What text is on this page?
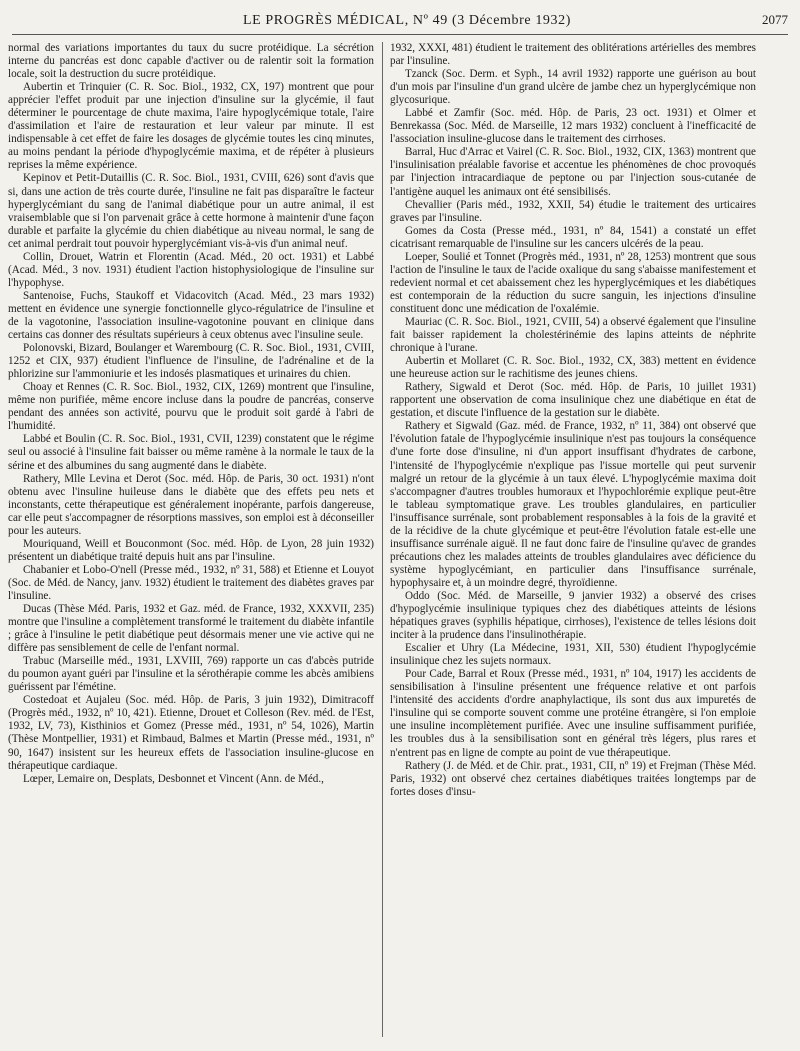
LE PROGRÈS MÉDICAL, Nº 49 (3 Décembre 1932)	2077

normal des variations importantes du taux du sucre protéidique. La sécrétion interne du pancréas est donc capable d'activer ou de ralentir soit la formation locale, soit la destruction du sucre protéidique.

Aubertin et Trinquier (C. R. Soc. Biol., 1932, CX, 197) montrent que pour apprécier l'effet produit par une injection d'insuline sur la glycémie, il faut déterminer le pourcentage de chute maxima, l'aire hypoglycémique totale, l'aire d'assimilation et l'aire de restauration et leur valeur par minute. Il est indispensable à cet effet de faire les dosages de glycémie toutes les cinq minutes, au moins pendant la période d'hypoglycémie maxima, et de répéter à plusieurs reprises la même expérience.

Kepinov et Petit-Dutaillis (C. R. Soc. Biol., 1931, CVIII, 626) sont d'avis que si, dans une action de très courte durée, l'insuline ne fait pas disparaître le facteur hyperglycémiant du sang de l'animal diabétique pour un autre animal, il est vraisemblable que si l'on parvenait grâce à cette hormone à maintenir d'une façon durable et parfaite la glycémie du chien diabétique au niveau normal, le sang de cet animal perdrait tout pouvoir hyperglycémiant vis-à-vis d'un animal neuf.

Collin, Drouet, Watrin et Florentin (Acad. Méd., 20 oct. 1931) et Labbé (Acad. Méd., 3 nov. 1931) étudient l'action histophysiologique de l'insuline sur l'hypophyse.

Santenoise, Fuchs, Staukoff et Vidacovitch (Acad. Méd., 23 mars 1932) mettent en évidence une synergie fonctionnelle glyco-régulatrice de l'insuline et de la vagotonine, l'association insuline-vagotonine pouvant en clinique dans certains cas donner des résultats supérieurs à ceux obtenus avec l'insuline seule.

Polonovski, Bizard, Boulanger et Warembourg (C. R. Soc. Biol., 1931, CVIII, 1252 et CIX, 937) étudient l'influence de l'insuline, de l'adrénaline et de la phlorizine sur l'ammoniurie et les indosés plasmatiques et urinaires du chien.

Choay et Rennes (C. R. Soc. Biol., 1932, CIX, 1269) montrent que l'insuline, même non purifiée, même encore incluse dans la poudre de pancréas, conserve pendant des années son activité, pourvu que le produit soit gardé à l'abri de l'humidité.

Labbé et Boulin (C. R. Soc. Biol., 1931, CVII, 1239) constatent que le régime seul ou associé à l'insuline fait baisser ou même ramène à la normale le taux de la sérine et des albumines du sang augmenté dans le diabète.

Rathery, Mlle Levina et Derot (Soc. méd. Hôp. de Paris, 30 oct. 1931) n'ont obtenu avec l'insuline huileuse dans le diabète que des effets peu nets et inconstants, cette thérapeutique est généralement inopérante, parfois dangereuse, car elle peut s'accompagner de résorptions massives, son emploi est à déconseiller pour les auteurs.

Mouriquand, Weill et Bouconmont (Soc. méd. Hôp. de Lyon, 28 juin 1932) présentent un diabétique traité depuis huit ans par l'insuline.

Chabanier et Lobo-O'nell (Presse méd., 1932, nº 31, 588) et Etienne et Louyot (Soc. de Méd. de Nancy, janv. 1932) étudient le traitement des diabètes graves par l'insuline.

Ducas (Thèse Méd. Paris, 1932 et Gaz. méd. de France, 1932, XXXVII, 235) montre que l'insuline a complètement transformé le traitement du diabète infantile ; grâce à l'insuline le petit diabétique peut désormais mener une vie active qui ne diffère pas sensiblement de celle de l'enfant normal.

Trabuc (Marseille méd., 1931, LXVIII, 769) rapporte un cas d'abcès putride du poumon ayant guéri par l'insuline et la sérothérapie comme les abcès amibiens guérissent par l'émétine.

Costedoat et Aujaleu (Soc. méd. Hôp. de Paris, 3 juin 1932), Dimitracoff (Progrès méd., 1932, nº 10, 421). Etienne, Drouet et Colleson (Rev. méd. de l'Est, 1932, LV, 73), Kisthinios et Gomez (Presse méd., 1931, nº 54, 1026), Martin (Thèse Montpellier, 1931) et Rimbaud, Balmes et Martin (Presse méd., 1931, nº 90, 1647) insistent sur les heureux effets de l'association insuline-glucose en thérapeutique cardiaque.

Lœper, Lemaire on, Desplats, Desbonnet et Vincent (Ann. de Méd.,

1932, XXXI, 481) étudient le traitement des oblitérations artérielles des membres par l'insuline.

Tzanck (Soc. Derm. et Syph., 14 avril 1932) rapporte une guérison au bout d'un mois par l'insuline d'un grand ulcère de jambe chez un hyperglycémique non glycosurique.

Labbé et Zamfir (Soc. méd. Hôp. de Paris, 23 oct. 1931) et Olmer et Benrekassa (Soc. Méd. de Marseille, 12 mars 1932) concluent à l'inefficacité de l'association insuline-glucose dans le traitement des cirrhoses.

Barral, Huc d'Arrac et Vairel (C. R. Soc. Biol., 1932, CIX, 1363) montrent que l'insulinisation préalable favorise et accentue les phénomènes de choc provoqués par l'injection intracardiaque de peptone ou par l'injection sous-cutanée de l'antigène auquel les animaux ont été sensibilisés.

Chevallier (Paris méd., 1932, XXII, 54) étudie le traitement des urticaires graves par l'insuline.

Gomes da Costa (Presse méd., 1931, nº 84, 1541) a constaté un effet cicatrisant remarquable de l'insuline sur les cancers ulcérés de la peau.

Loeper, Soulié et Tonnet (Progrès méd., 1931, nº 28, 1253) montrent que sous l'action de l'insuline le taux de l'acide oxalique du sang s'abaisse manifestement et redevient normal et cet abaissement chez les hyperglycémiques et les diabétiques est contemporain de la réduction du sucre sanguin, les injections d'insuline constituent donc une médication de l'oxalémie.

Mauriac (C. R. Soc. Biol., 1921, CVIII, 54) a observé également que l'insuline fait baisser rapidement la cholestérinémie des lapins atteints de néphrite chronique à l'urane.

Aubertin et Mollaret (C. R. Soc. Biol., 1932, CX, 383) mettent en évidence une heureuse action sur le rachitisme des jeunes chiens.

Rathery, Sigwald et Derot (Soc. méd. Hôp. de Paris, 10 juillet 1931) rapportent une observation de coma insulinique chez une diabétique en état de gestation, et discute l'influence de la gestation sur le diabète.

Rathery et Sigwald (Gaz. méd. de France, 1932, nº 11, 384) ont observé que l'évolution fatale de l'hypoglycémie insulinique n'est pas toujours la conséquence d'une forte dose d'insuline, ni d'un apport insuffisant d'hydrates de carbone, l'intensité de l'hypoglycémie n'explique pas l'issue mortelle qui peut survenir malgré un retour de la glycémie à un taux élevé. L'hypoglycémie maxima doit s'accompagner d'autres troubles humoraux et l'hypochlorémie explique peut-être le tableau symptomatique grave. Les troubles glandulaires, en particulier l'insuffisance surrénale, sont probablement responsables à la fois de la gravité et de la récidive de la chute glycémique et peut-être l'évolution fatale est-elle une insuffisance surrénale aiguë. Il ne faut donc faire de l'insuline qu'avec de grandes précautions chez les malades atteints de troubles glandulaires avec déficience du système hypoglycémiant, en particulier dans l'insuffisance surrénale, hypophysaire et, à un moindre degré, thyroïdienne.

Oddo (Soc. Méd. de Marseille, 9 janvier 1932) a observé des crises d'hypoglycémie insulinique typiques chez des diabétiques atteints de lésions hépatiques graves (syphilis hépatique, cirrhoses), l'existence de telles lésions doit inciter à la prudence dans l'insulinothérapie.

Escalier et Uhry (La Médecine, 1931, XII, 530) étudient l'hypoglycémie insulinique chez les sujets normaux.

Pour Cade, Barral et Roux (Presse méd., 1931, nº 104, 1917) les accidents de sensibilisation à l'insuline présentent une fréquence relative et ont parfois l'intensité des accidents d'ordre anaphylactique, ils sont dus aux impuretés de l'insuline qui se comporte souvent comme une protéine étrangère, si l'on emploie une insuline incomplètement purifiée. Avec une insuline suffisamment purifiée, les troubles dus à la sensibilisation sont en général très légers, plus rares et n'entrent pas en ligne de compte au point de vue thérapeutique.

Rathery (J. de Méd. et de Chir. prat., 1931, CII, nº 19) et Frejman (Thèse Méd. Paris, 1932) ont observé chez certaines diabétiques traitées longtemps par de fortes doses d'insu-
